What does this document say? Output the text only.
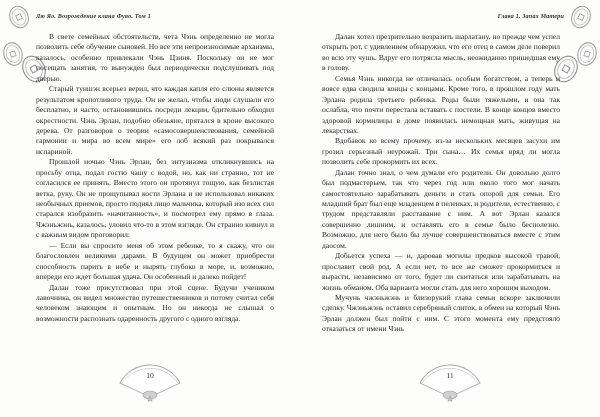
Лю Яо. Возрождение клана Фуяо. Том 1

В свете семейных обстоятельств, чета Чэнь определенно не могла позволить себе обучение сыновей. Но все эти непроизносимые архаизмы, казалось, особенно привлекали Чэнь Цзиня. Поскольку он не мог посещать занятия, то вынужден был периодически подслушивать под дверью.

Старый туншэн всерьез верил, что каждая капля его слюны является результатом кропотливого труда. Он не желал, чтобы люди слушали его бесплатно, и часто, остановившись посреди лекции, бдительно обходил окрестности. Чэнь Эрлан, подобно обезьяне, прятался в кроне высокого дерева. От разговоров о теории «самосовершенствования, семейной гармонии и мира во всем мире» его лоб всякий раз покрывался испариной.

Прошлой ночью Чэнь Эрлан, без энтузиазма откликнувшись на просьбу отца, подал гостю чашу с водой, но, как ни странно, тот не согласился ее принять. Вместо этого он протянул тощую, как безлистая ветка, руку. Он не прощупывал кости Эрлана и не использовал никаких необычных приемов, просто поднял лицо мальчика, который изо всех сил старался изобразить «начитанность», и посмотрел ему прямо в глаза. Чжэньжэнь, казалось, уловил что-то в этом взгляде. Он странно кивнул и с важным видом проговорил:

— Если вы спросите меня об этом ребенке, то я скажу, что он благословлен великими дарами. В будущем он может приобрести способность парить в небе и нырять глубоко в море, и, возможно, впереди его ждет большая удача. Он особенный и далеко пойдет!

Далан тоже присутствовал при этой сцене. Будучи учеником лавочника, он видел множество путешественников и потому считал себя человеком знающим и опытным. Но он никогда не слышал о возможности распознать одаренность другого с одного взгляда.

10
Глава 1. Запах Матери

Далан хотел презрительно возразить шарлатану, но прежде чем успел открыть рот, с удивлением обнаружил, что его отец в самом деле поверил во всю эту чушь. Вдруг его потрясла мысль, неожиданно пришедшая ему в голову.

Семья Чэнь никогда не отличалась особым богатством, а теперь и вовсе едва сводила концы с концами. Кроме того, в прошлом году мать Эрлана родила третьего ребенка. Роды были тяжелыми, и она так ослабла, что почти перестала вставать с постели. В конце концов вместо здоровой кормилицы в доме появилась немощная мать, живущая на лекарствах.

Вдобавок ко всему прочему, из-за нескольких месяцев засухи им грозил серьезный неурожай. Три сына… Их семья вряд ли могла позволить себе прокормить их всех.

Далан точно знал, о чем думали его родители. Он довольно долго был подмастерьем, так что через год или около того мог начать самостоятельно зарабатывать деньги и стать опорой для семьи. Его младший брат был еще младенцем в пеленках, и родители, естественно, с трудом представляли расставание с ним. А вот Эрлан казался совершенно лишним, и оставлять его в семье было бесполезно. Возможно, для него было бы лучше совершенствоваться вместе с этим даосом.

Добьется успеха — и, даровав могилы предков высокой травой, прославит свой род. А если нет, то все же сможет прокормиться и вырасти, независимо от того, будет ли скитаться или зарабатывать на жизнь обманом. Оба варианта могли стать для него хорошим выходом.

Мучунь чжэньжэнь и близорукий глава семьи вскоре заключили сделку. Чжэньжэнь оставил серебряный слиток, в обмен на который Чэнь Эрлан должен был пойти с ним. С этого момента ему предстояло отказаться от имени Чэнь

11
